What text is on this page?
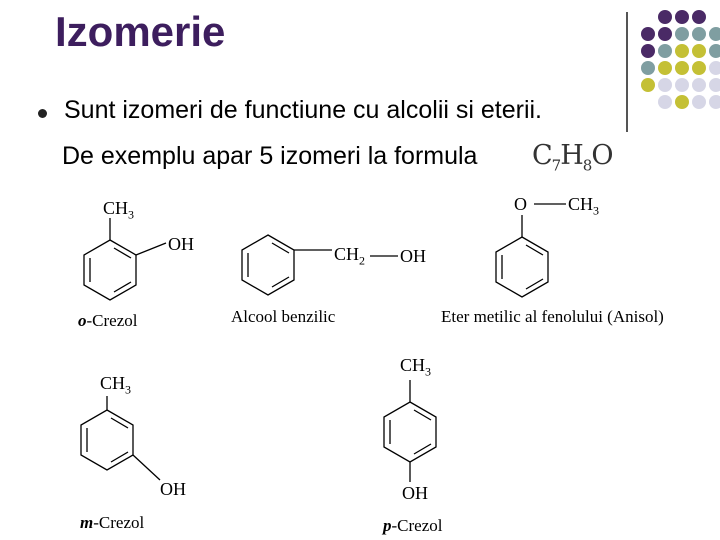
Izomerie
Sunt izomeri de functiune cu alcolii si eterii.
De exemplu apar 5 izomeri la formula $C_7H_8O$
$CH_3$
OH
o-Crezol
$CH_2$ OH
Alcool benzilic
O $CH_3$
Eter metilic al fenolului (Anisol)
$CH_3$
OH
m-Crezol
$CH_3$
OH
p-Crezol
